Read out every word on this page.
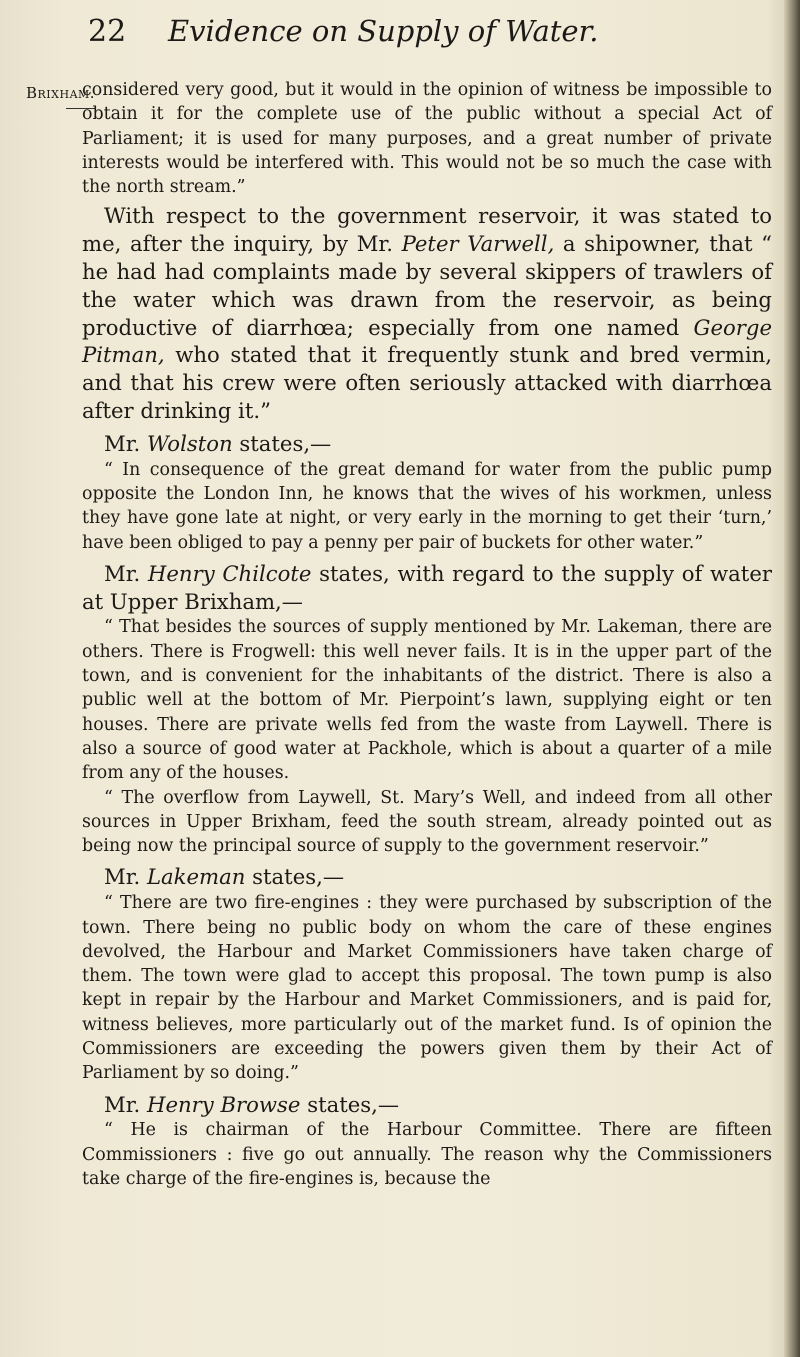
22 Evidence on Supply of Water.
Brixham.

considered very good, but it would in the opinion of witness be impossible to obtain it for the complete use of the public without a special Act of Parliament; it is used for many purposes, and a great number of private interests would be interfered with. This would not be so much the case with the north stream.”

With respect to the government reservoir, it was stated to me, after the inquiry, by Mr. Peter Varwell, a shipowner, that “ he had had complaints made by several skippers of trawlers of the water which was drawn from the reservoir, as being productive of diarrhœa; especially from one named George Pitman, who stated that it frequently stunk and bred vermin, and that his crew were often seriously attacked with diarrhœa after drinking it.”

Mr. Wolston states,—

“ In consequence of the great demand for water from the public pump opposite the London Inn, he knows that the wives of his workmen, unless they have gone late at night, or very early in the morning to get their ‘turn,’ have been obliged to pay a penny per pair of buckets for other water.”

Mr. Henry Chilcote states, with regard to the supply of water at Upper Brixham,—

“ That besides the sources of supply mentioned by Mr. Lakeman, there are others. There is Frogwell: this well never fails. It is in the upper part of the town, and is convenient for the inhabitants of the district. There is also a public well at the bottom of Mr. Pierpoint’s lawn, supplying eight or ten houses. There are private wells fed from the waste from Laywell. There is also a source of good water at Packhole, which is about a quarter of a mile from any of the houses.

“ The overflow from Laywell, St. Mary’s Well, and indeed from all other sources in Upper Brixham, feed the south stream, already pointed out as being now the principal source of supply to the government reservoir.”

Mr. Lakeman states,—

“ There are two fire-engines : they were purchased by subscription of the town. There being no public body on whom the care of these engines devolved, the Harbour and Market Commissioners have taken charge of them. The town were glad to accept this proposal. The town pump is also kept in repair by the Harbour and Market Commissioners, and is paid for, witness believes, more particularly out of the market fund. Is of opinion the Commissioners are exceeding the powers given them by their Act of Parliament by so doing.”

Mr. Henry Browse states,—

“ He is chairman of the Harbour Committee. There are fifteen Commissioners : five go out annually. The reason why the Commissioners take charge of the fire-engines is, because the
